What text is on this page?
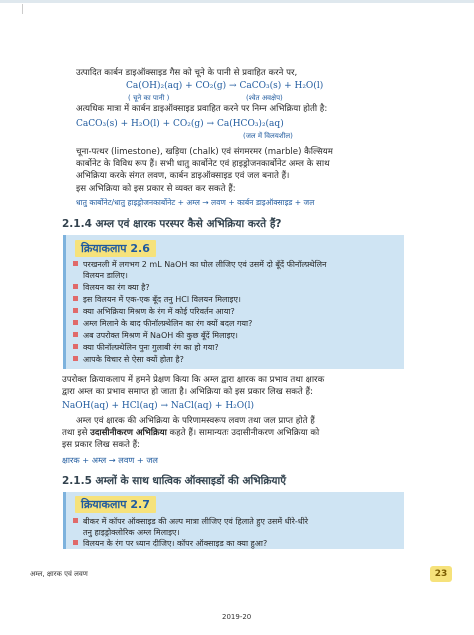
उत्पादित कार्बन डाइऑक्साइड गैस को चूने के पानी से प्रवाहित करने पर,
Ca(OH)₂(aq) + CO₂(g) → CaCO₃(s) + H₂O(l)
( चूने का पानी )	(श्वेत अवक्षेप)
अत्यधिक मात्रा में कार्बन डाइऑक्साइड प्रवाहित करने पर निम्न अभिक्रिया होती है:
CaCO₃(s) + H₂O(l) + CO₂(g) → Ca(HCO₃)₂(aq)
(जल में विलयशील)
चूना-पत्थर (limestone), खड़िया (chalk) एवं संगमरमर (marble) कैल्सियम
कार्बोनेट के विविध रूप हैं। सभी धातु कार्बोनेट एवं हाइड्रोजनकार्बोनेट अम्ल के साथ
अभिक्रिया करके संगत लवण, कार्बन डाइऑक्साइड एवं जल बनाते हैं।
इस अभिक्रिया को इस प्रकार से व्यक्त कर सकते हैं:
धातु कार्बोनेट/धातु हाइड्रोजनकार्बोनेट + अम्ल → लवण + कार्बन डाइऑक्साइड + जल
2.1.4 अम्ल एवं क्षारक परस्पर कैसे अभिक्रिया करते हैं?
क्रियाकलाप 2.6
परखनली में लगभग 2 mL NaOH का घोल लीजिए एवं उसमें दो बूँदें फीनॉल्फ़्थेलिन
विलयन डालिए।
विलयन का रंग क्या है?
इस विलयन में एक-एक बूँद तनु HCl विलयन मिलाइए।
क्या अभिक्रिया मिश्रण के रंग में कोई परिवर्तन आया?
अम्ल मिलाने के बाद फीनॉल्फ़्थेलिन का रंग क्यों बदल गया?
अब उपरोक्त मिश्रण में NaOH की कुछ बूँदें मिलाइए।
क्या फीनॉल्फ़्थेलिन पुनः गुलाबी रंग का हो गया?
आपके विचार से ऐसा क्यों होता है?
उपरोक्त क्रियाकलाप में हमने प्रेक्षण किया कि अम्ल द्वारा क्षारक का प्रभाव तथा क्षारक
द्वारा अम्ल का प्रभाव समाप्त हो जाता है। अभिक्रिया को इस प्रकार लिख सकते हैं:
NaOH(aq) + HCl(aq) → NaCl(aq) + H₂O(l)
अम्ल एवं क्षारक की अभिक्रिया के परिणामस्वरूप लवण तथा जल प्राप्त होते हैं
तथा इसे उदासीनीकरण अभिक्रिया कहते हैं। सामान्यतः उदासीनीकरण अभिक्रिया को
इस प्रकार लिख सकते हैं:
क्षारक + अम्ल → लवण + जल
2.1.5 अम्लों के साथ धात्विक ऑक्साइडों की अभिक्रियाएँ
क्रियाकलाप 2.7
बीकर में कॉपर ऑक्साइड की अल्प मात्रा लीजिए एवं हिलाते हुए उसमें धीरे-धीरे
तनु हाइड्रोक्लोरिक अम्ल मिलाइए।
विलयन के रंग पर ध्यान दीजिए। कॉपर ऑक्साइड का क्या हुआ?
अम्ल, क्षारक एवं लवण	23
2019-20
